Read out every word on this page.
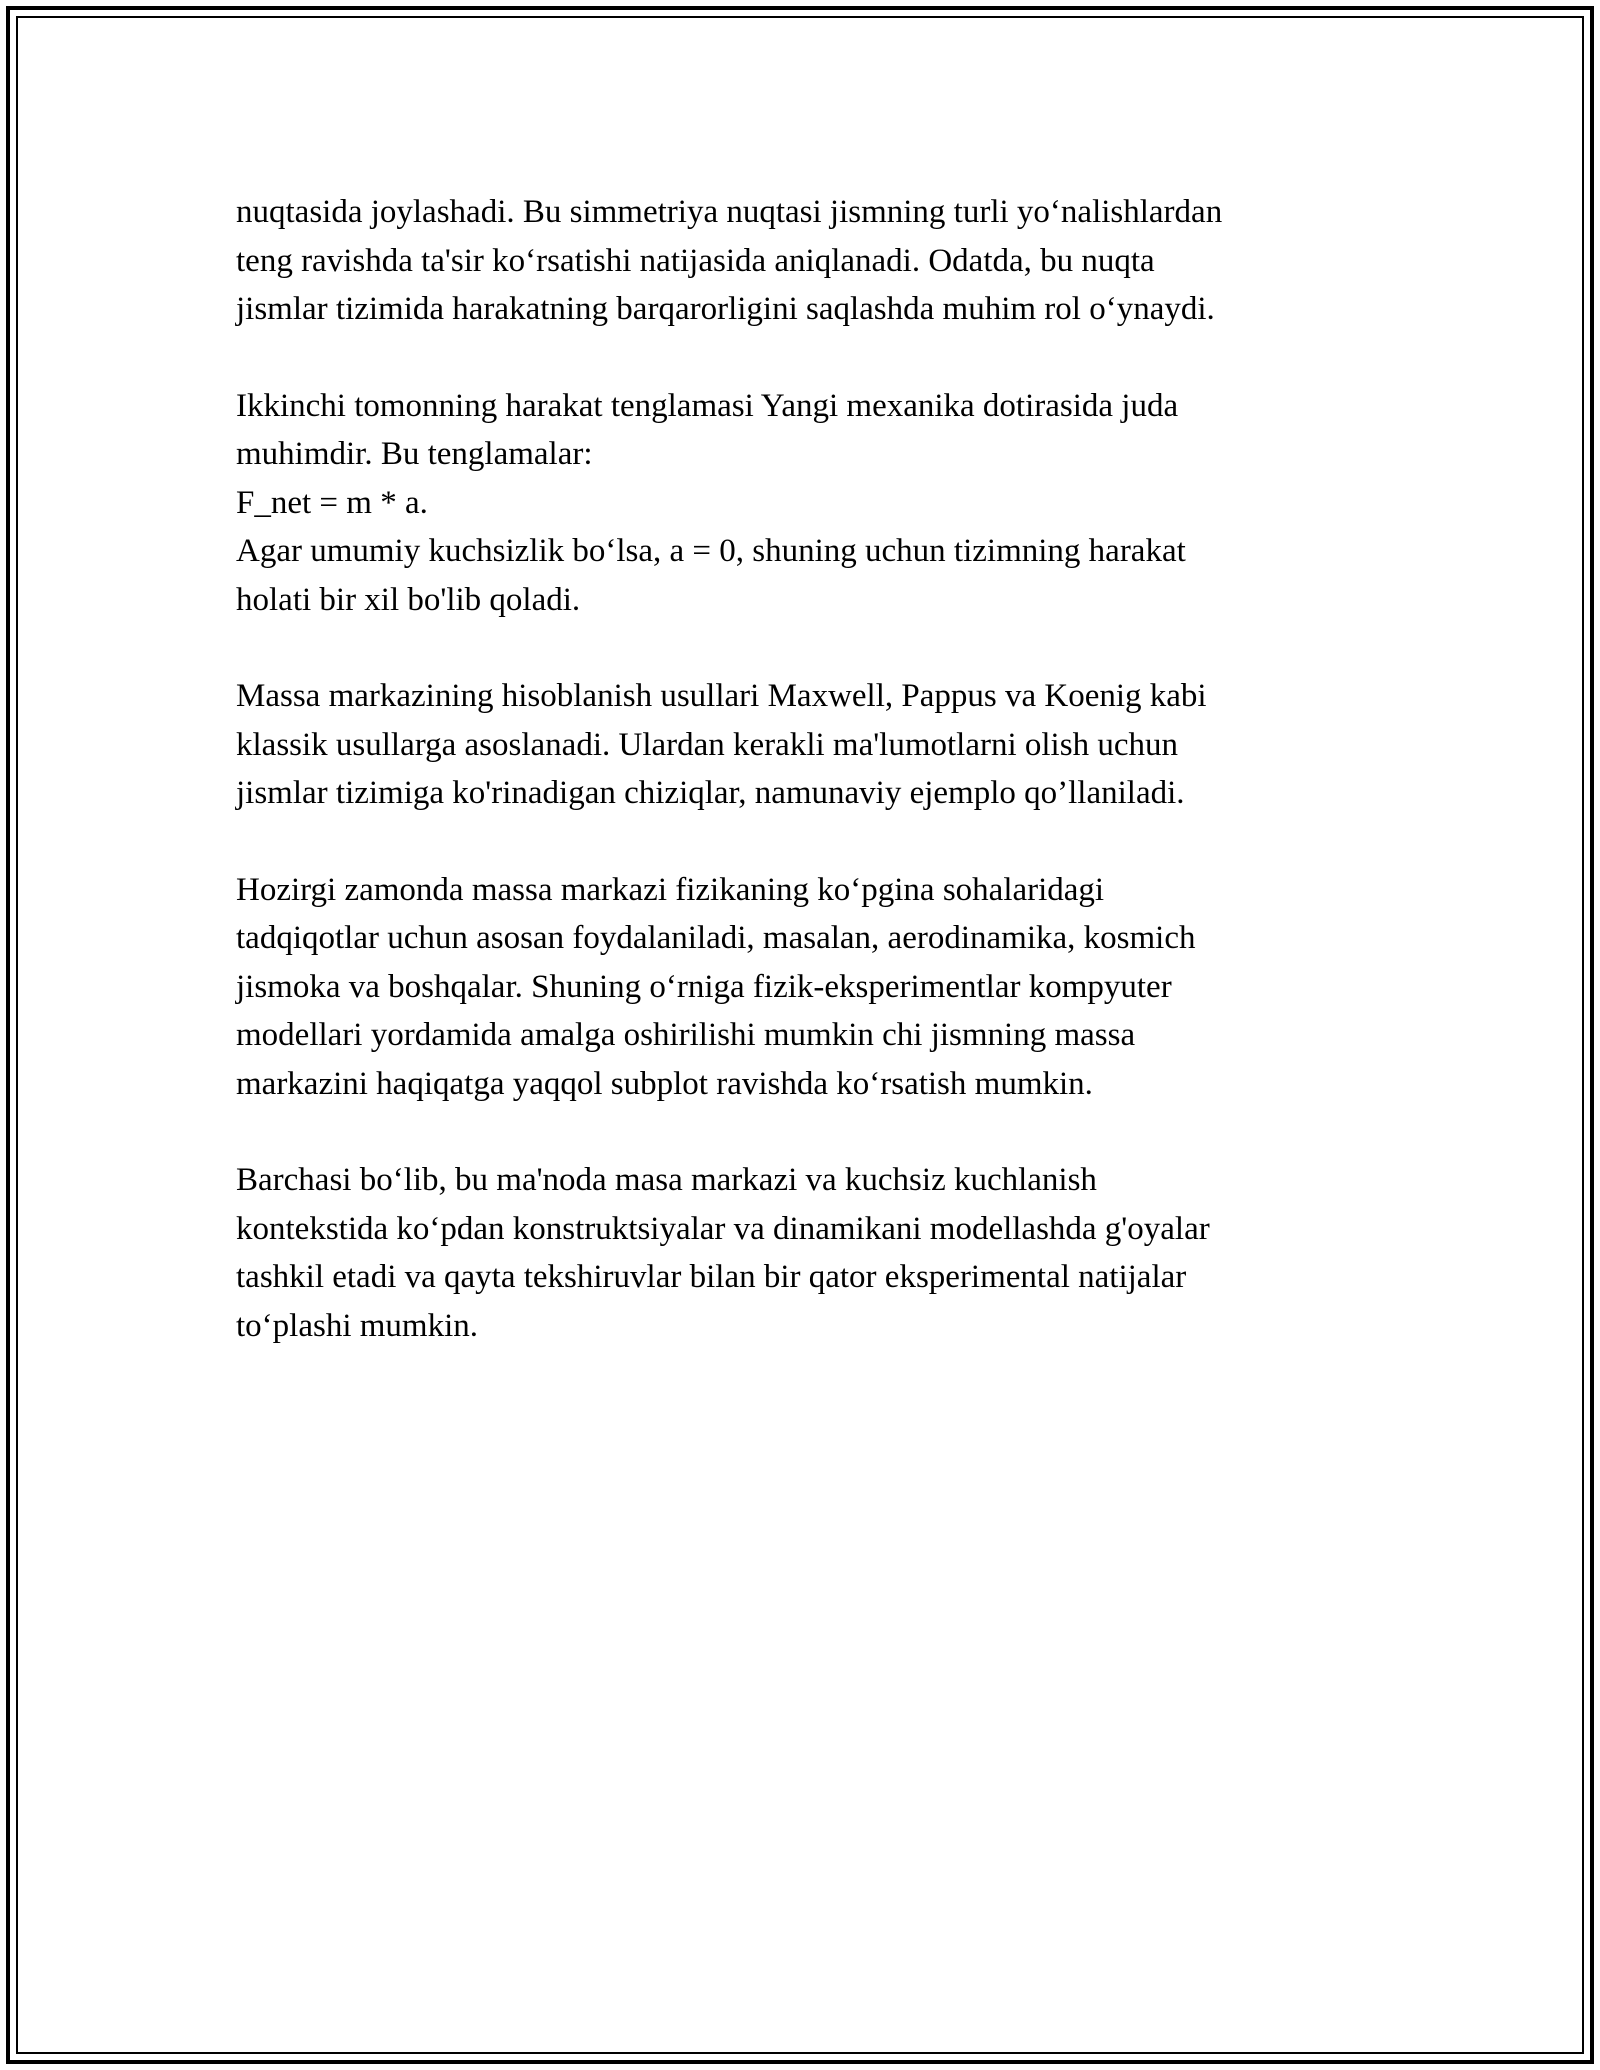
nuqtasida joylashadi. Bu simmetriya nuqtasi jismning turli yo‘nalishlardan
teng ravishda ta'sir ko‘rsatishi natijasida aniqlanadi. Odatda, bu nuqta
jismlar tizimida harakatning barqarorligini saqlashda muhim rol o‘ynaydi.

Ikkinchi tomonning harakat tenglamasi Yangi mexanika dotirasida juda
muhimdir. Bu tenglamalar:
F_net = m * a.
Agar umumiy kuchsizlik bo‘lsa, a = 0, shuning uchun tizimning harakat
holati bir xil bo'lib qoladi.

Massa markazining hisoblanish usullari Maxwell, Pappus va Koenig kabi
klassik usullarga asoslanadi. Ulardan kerakli ma'lumotlarni olish uchun
jismlar tizimiga ko'rinadigan chiziqlar, namunaviy ejemplo qo’llaniladi.

Hozirgi zamonda massa markazi fizikaning ko‘pgina sohalaridagi
tadqiqotlar uchun asosan foydalaniladi, masalan, aerodinamika, kosmich
jismoka va boshqalar. Shuning o‘rniga fizik-eksperimentlar kompyuter
modellari yordamida amalga oshirilishi mumkin chi jismning massa
markazini haqiqatga yaqqol subplot ravishda ko‘rsatish mumkin.

Barchasi bo‘lib, bu ma'noda masa markazi va kuchsiz kuchlanish
kontekstida ko‘pdan konstruktsiyalar va dinamikani modellashda g'oyalar
tashkil etadi va qayta tekshiruvlar bilan bir qator eksperimental natijalar
to‘plashi mumkin.
